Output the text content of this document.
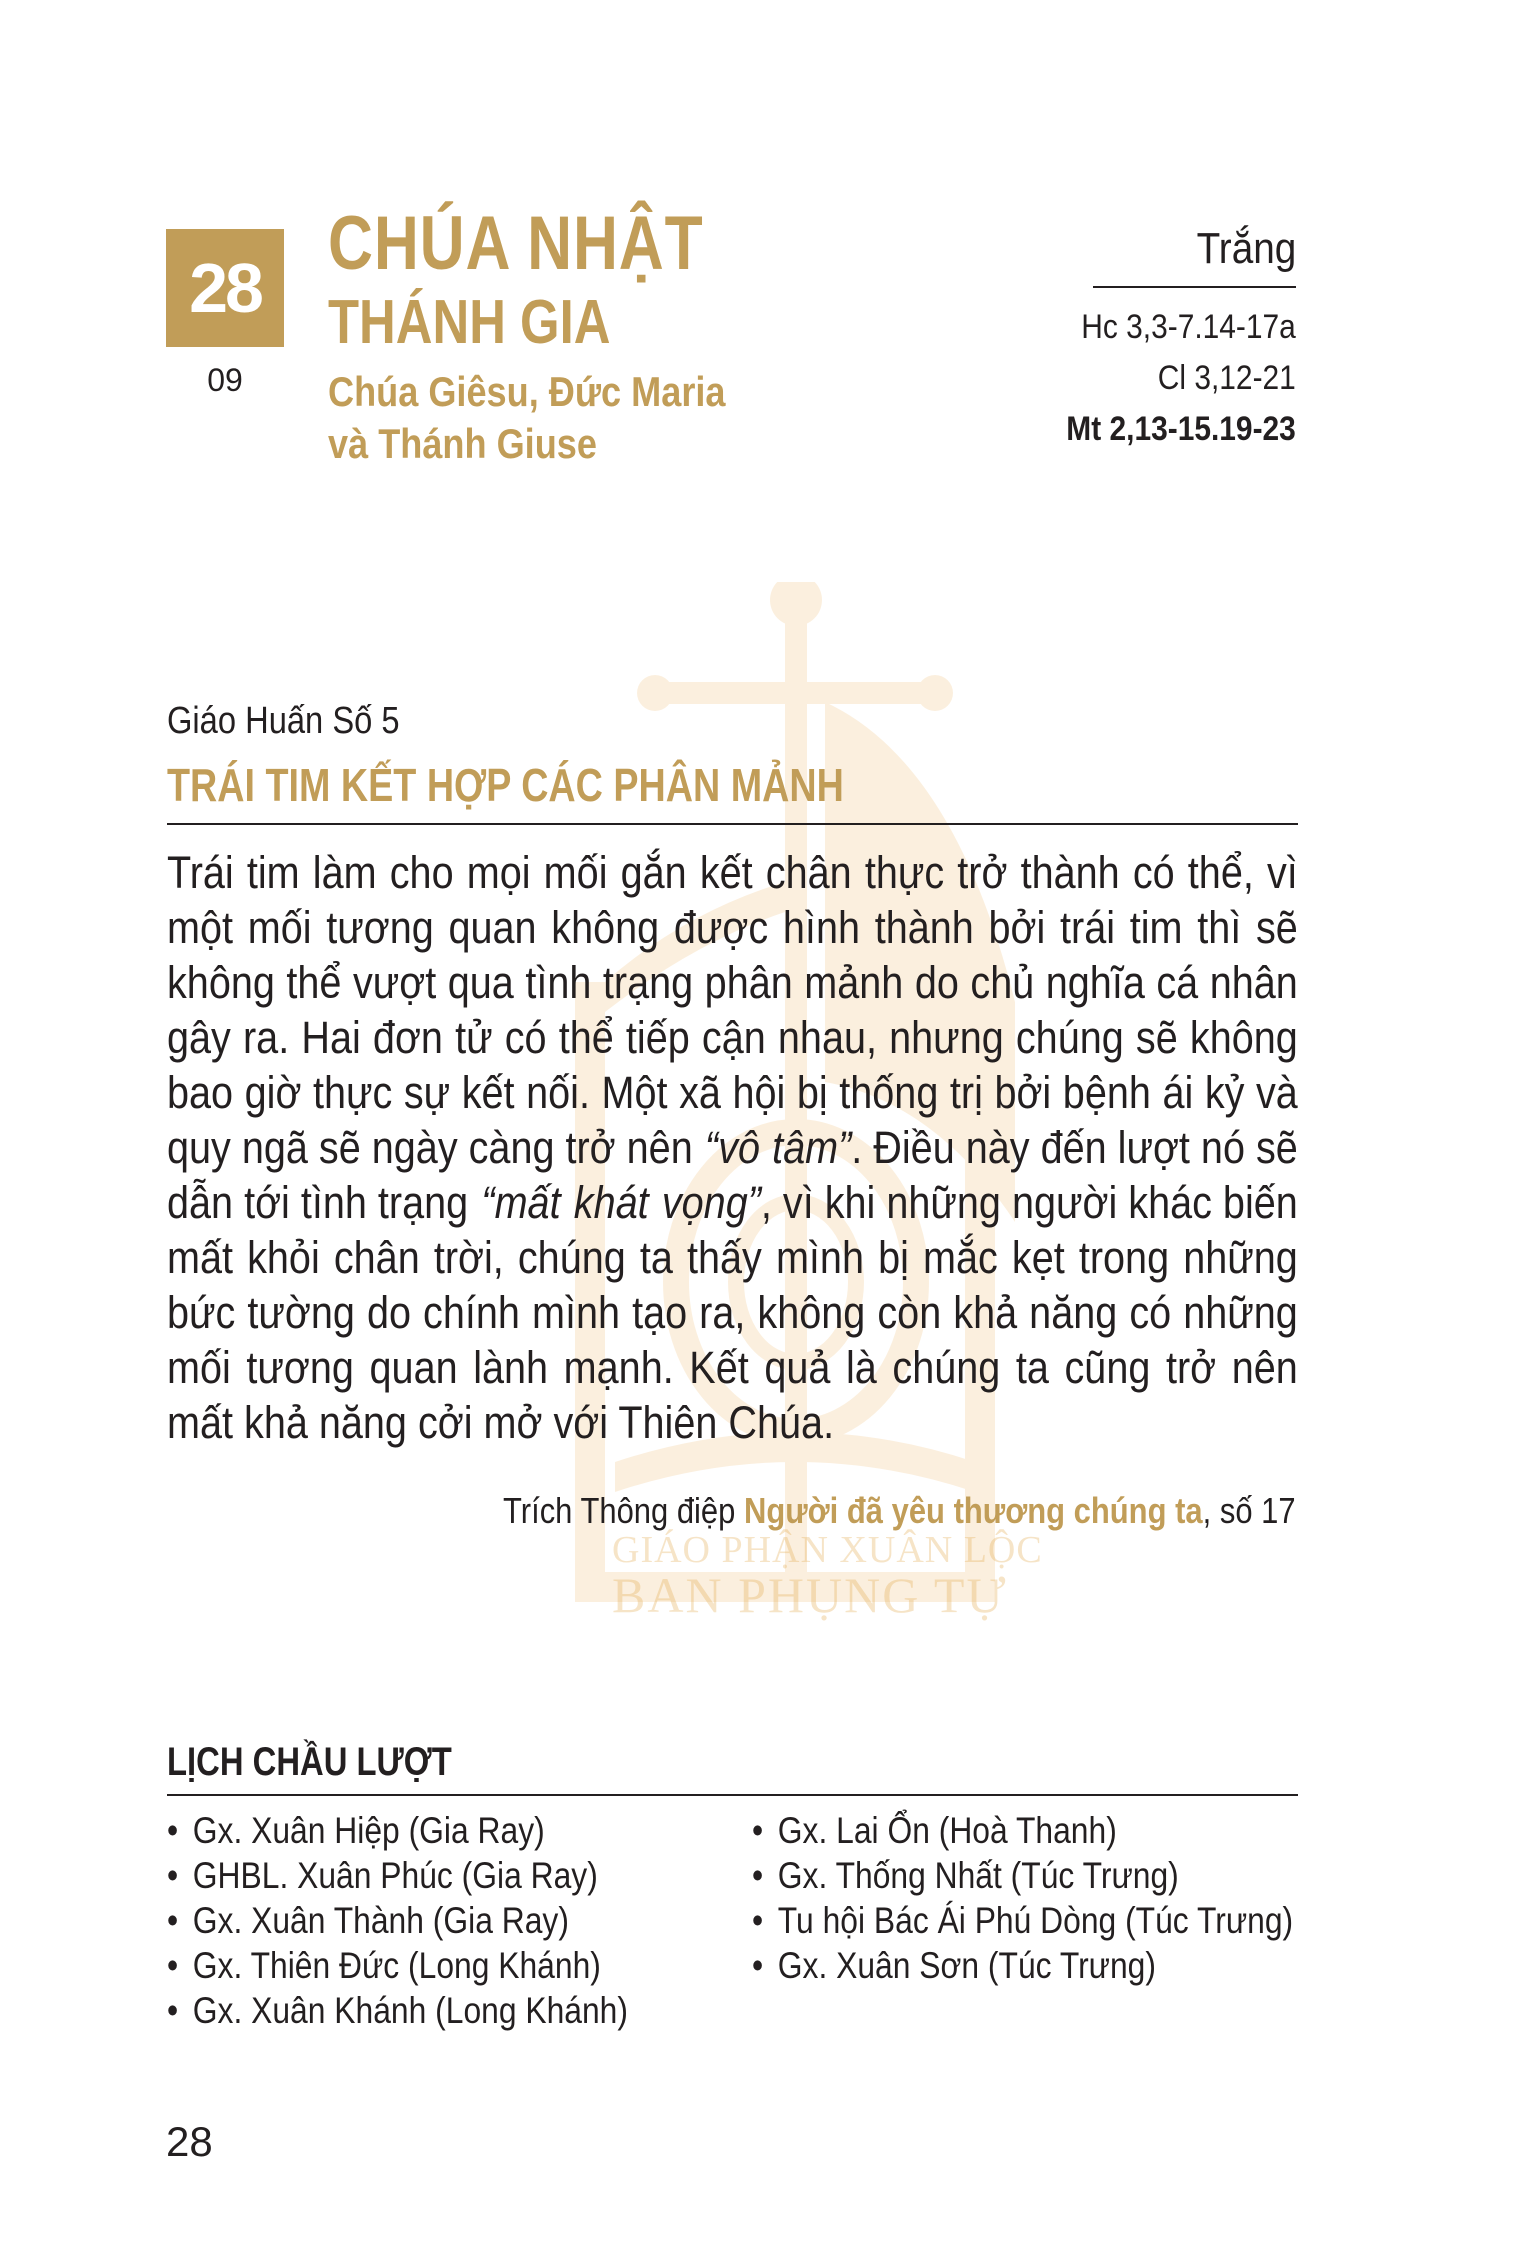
28
09
CHÚA NHẬT
THÁNH GIA
Chúa Giêsu, Đức Maria
và Thánh Giuse
Trắng
Hc 3,3-7.14-17a
Cl 3,12-21
Mt 2,13-15.19-23
GIÁO PHẬN XUÂN LỘC
BAN PHỤNG TỰ
Giáo Huấn Số 5
TRÁI TIM KẾT HỢP CÁC PHÂN MẢNH
Trái tim làm cho mọi mối gắn kết chân thực trở thành có thể, vì
một mối tương quan không được hình thành bởi trái tim thì sẽ
không thể vượt qua tình trạng phân mảnh do chủ nghĩa cá nhân
gây ra. Hai đơn tử có thể tiếp cận nhau, nhưng chúng sẽ không
bao giờ thực sự kết nối. Một xã hội bị thống trị bởi bệnh ái kỷ và
quy ngã sẽ ngày càng trở nên “vô tâm”. Điều này đến lượt nó sẽ
dẫn tới tình trạng “mất khát vọng”, vì khi những người khác biến
mất khỏi chân trời, chúng ta thấy mình bị mắc kẹt trong những
bức tường do chính mình tạo ra, không còn khả năng có những
mối tương quan lành mạnh. Kết quả là chúng ta cũng trở nên
mất khả năng cởi mở với Thiên Chúa.
Trích Thông điệp Người đã yêu thương chúng ta, số 17
LỊCH CHẦU LƯỢT
• Gx. Xuân Hiệp (Gia Ray)
• GHBL. Xuân Phúc (Gia Ray)
• Gx. Xuân Thành (Gia Ray)
• Gx. Thiên Đức (Long Khánh)
• Gx. Xuân Khánh (Long Khánh)
• Gx. Lai Ổn (Hoà Thanh)
• Gx. Thống Nhất (Túc Trưng)
• Tu hội Bác Ái Phú Dòng (Túc Trưng)
• Gx. Xuân Sơn (Túc Trưng)
28
